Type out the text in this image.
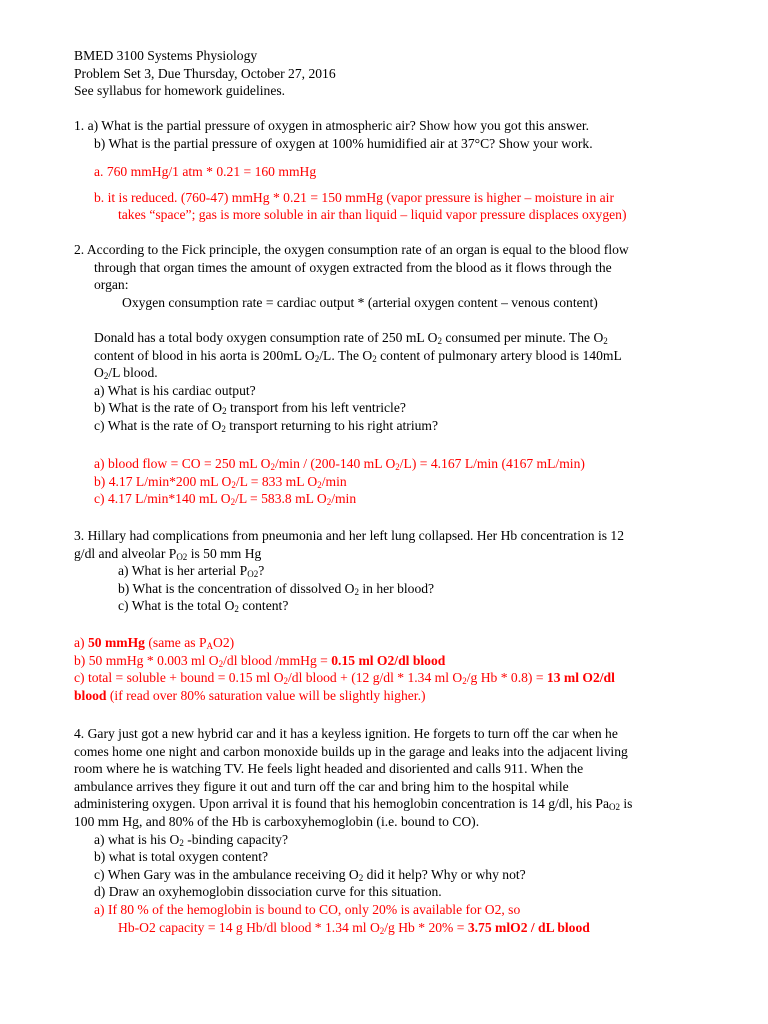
BMED 3100 Systems Physiology
Problem Set 3, Due Thursday, October 27, 2016
See syllabus for homework guidelines.
1. a) What is the partial pressure of oxygen in atmospheric air? Show how you got this answer.
b) What is the partial pressure of oxygen at 100% humidified air at 37°C? Show your work.
a. 760 mmHg/1 atm * 0.21 = 160 mmHg
b. it is reduced. (760-47) mmHg * 0.21 = 150 mmHg (vapor pressure is higher – moisture in air
takes “space”; gas is more soluble in air than liquid – liquid vapor pressure displaces oxygen)
2. According to the Fick principle, the oxygen consumption rate of an organ is equal to the blood flow
through that organ times the amount of oxygen extracted from the blood as it flows through the
organ:
Oxygen consumption rate = cardiac output * (arterial oxygen content – venous content)
Donald has a total body oxygen consumption rate of 250 mL $O_2$ consumed per minute. The $O_2$
content of blood in his aorta is 200mL $O_2/L$. The $O_2$ content of pulmonary artery blood is 140mL
$O_2/L$ blood.
a) What is his cardiac output?
b) What is the rate of $O_2$ transport from his left ventricle?
c) What is the rate of $O_2$ transport returning to his right atrium?
a) blood flow = CO = 250 mL $O_2/\min / (200-140$ mL $O_2/L) = 4.167$ L/min (4167 mL/min)
b) 4.17 L/min*200 mL $O_2/L = 833$ mL $O_2/\min$
c) 4.17 L/min*140 mL $O_2/L = 583.8$ mL $O_2/\min$
3. Hillary had complications from pneumonia and her left lung collapsed. Her Hb concentration is 12
g/dl and alveolar $P_{O2}$ is 50 mm Hg
a) What is her arterial $P_{O2}$?
b) What is the concentration of dissolved $O_2$ in her blood?
c) What is the total $O_2$ content?
a) 50 mmHg (same as $P_AO2$)
b) 50 mmHg * 0.003 ml $O_2/dl$ blood /mmHg = 0.15 ml O2/dl blood
c) total = soluble + bound = 0.15 ml $O_2/dl$ blood + (12 g/dl * 1.34 ml $O_2/g$ Hb * 0.8) = 13 ml O2/dl
blood (if read over 80% saturation value will be slightly higher.)
4. Gary just got a new hybrid car and it has a keyless ignition. He forgets to turn off the car when he
comes home one night and carbon monoxide builds up in the garage and leaks into the adjacent living
room where he is watching TV. He feels light headed and disoriented and calls 911. When the
ambulance arrives they figure it out and turn off the car and bring him to the hospital while
administering oxygen. Upon arrival it is found that his hemoglobin concentration is 14 g/dl, his $Pa_{O2}$ is
100 mm Hg, and 80% of the Hb is carboxyhemoglobin (i.e. bound to CO).
a) what is his $O_2$ -binding capacity?
b) what is total oxygen content?
c) When Gary was in the ambulance receiving $O_2$ did it help? Why or why not?
d) Draw an oxyhemoglobin dissociation curve for this situation.
a) If 80 % of the hemoglobin is bound to CO, only 20% is available for O2, so
Hb-O2 capacity = 14 g Hb/dl blood * 1.34 ml $O_2/g$ Hb * 20% = 3.75 mlO2 / dL blood
